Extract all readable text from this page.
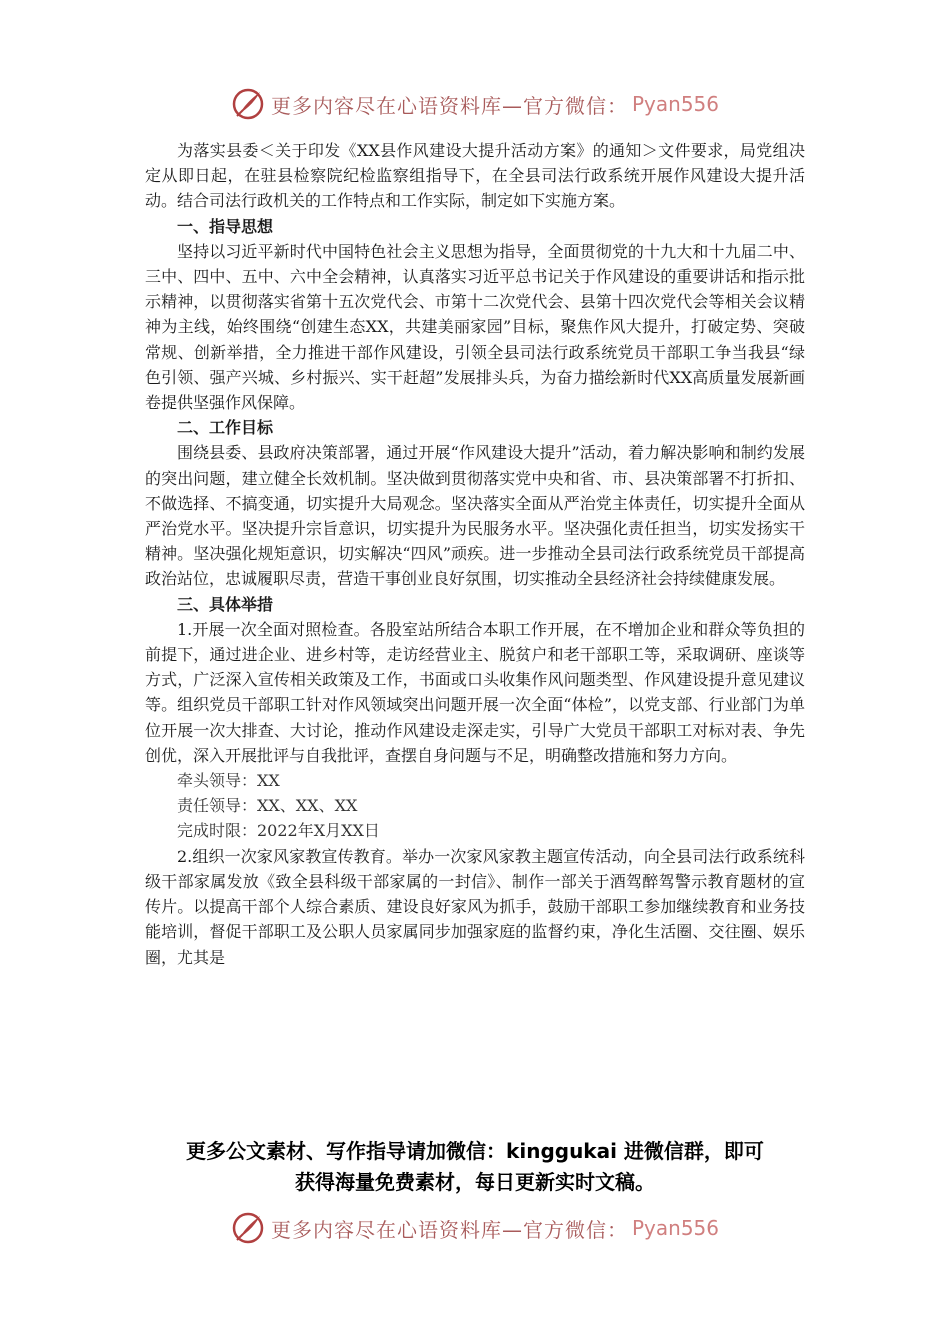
更多内容尽在心语资料库—官方微信： Pyan556

为落实县委＜关于印发《XX县作风建设大提升活动方案》的通知＞文件要求，局党组决定从即日起，在驻县检察院纪检监察组指导下，在全县司法行政系统开展作风建设大提升活动。结合司法行政机关的工作特点和工作实际，制定如下实施方案。

一、指导思想

坚持以习近平新时代中国特色社会主义思想为指导，全面贯彻党的十九大和十九届二中、三中、四中、五中、六中全会精神，认真落实习近平总书记关于作风建设的重要讲话和指示批示精神，以贯彻落实省第十五次党代会、市第十二次党代会、县第十四次党代会等相关会议精神为主线，始终围绕“创建生态XX，共建美丽家园”目标，聚焦作风大提升，打破定势、突破常规、创新举措，全力推进干部作风建设，引领全县司法行政系统党员干部职工争当我县“绿色引领、强产兴城、乡村振兴、实干赶超”发展排头兵，为奋力描绘新时代XX高质量发展新画卷提供坚强作风保障。

二、工作目标

围绕县委、县政府决策部署，通过开展“作风建设大提升”活动，着力解决影响和制约发展的突出问题，建立健全长效机制。坚决做到贯彻落实党中央和省、市、县决策部署不打折扣、不做选择、不搞变通，切实提升大局观念。坚决落实全面从严治党主体责任，切实提升全面从严治党水平。坚决提升宗旨意识，切实提升为民服务水平。坚决强化责任担当，切实发扬实干精神。坚决强化规矩意识，切实解决“四风”顽疾。进一步推动全县司法行政系统党员干部提高政治站位，忠诚履职尽责，营造干事创业良好氛围，切实推动全县经济社会持续健康发展。

三、具体举措

1.开展一次全面对照检查。各股室站所结合本职工作开展，在不增加企业和群众等负担的前提下，通过进企业、进乡村等，走访经营业主、脱贫户和老干部职工等，采取调研、座谈等方式，广泛深入宣传相关政策及工作，书面或口头收集作风问题类型、作风建设提升意见建议等。组织党员干部职工针对作风领域突出问题开展一次全面“体检”，以党支部、行业部门为单位开展一次大排查、大讨论，推动作风建设走深走实，引导广大党员干部职工对标对表、争先创优，深入开展批评与自我批评，查摆自身问题与不足，明确整改措施和努力方向。

牵头领导：XX

责任领导：XX、XX、XX

完成时限：2022年X月XX日

2.组织一次家风家教宣传教育。举办一次家风家教主题宣传活动，向全县司法行政系统科级干部家属发放《致全县科级干部家属的一封信》、制作一部关于酒驾醉驾警示教育题材的宣传片。以提高干部个人综合素质、建设良好家风为抓手，鼓励干部职工参加继续教育和业务技能培训，督促干部职工及公职人员家属同步加强家庭的监督约束，净化生活圈、交往圈、娱乐圈，尤其是

更多公文素材、写作指导请加微信：kinggukai 进微信群，即可
获得海量免费素材，每日更新实时文稿。
更多内容尽在心语资料库—官方微信： Pyan556
